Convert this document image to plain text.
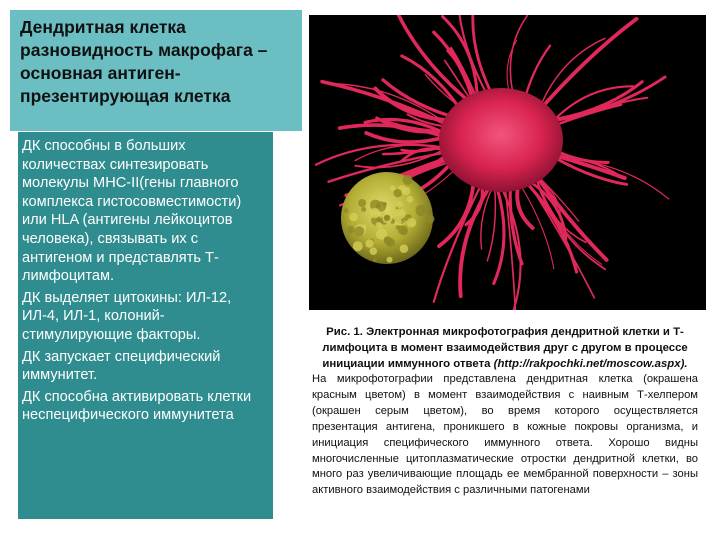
Дендритная клетка разновидность макрофага – основная антиген-презентирующая клетка

ДК способны в больших количествах синтезировать молекулы МНС-II(гены главного комплекса гистосовместимости) или HLA (антигены лейкоцитов человека), связывать их с антигеном и представлять Т-лимфоцитам.

ДК выделяет цитокины: ИЛ-12, ИЛ-4, ИЛ-1, колоний-стимулирующие факторы.

ДК запускает специфический иммунитет.

ДК способна активировать клетки неспецифического иммунитета

Рис. 1. Электронная микрофотография дендритной клетки и Т-лимфоцита в момент взаимодействия друг с другом в процессе инициации иммунного ответа (http://rakpochki.net/moscow.aspx).

На микрофотографии представлена дендритная клетка (окрашена красным цветом) в момент взаимодействия с наивным Т-хелпером (окрашен серым цветом), во время которого осуществляется презентация антигена, проникшего в кожные покровы организма, и инициация специфического иммунного ответа. Хорошо видны многочисленные цитоплазматические отростки дендритной клетки, во много раз увеличивающие площадь ее мембранной поверхности – зоны активного взаимодействия с различными патогенами
